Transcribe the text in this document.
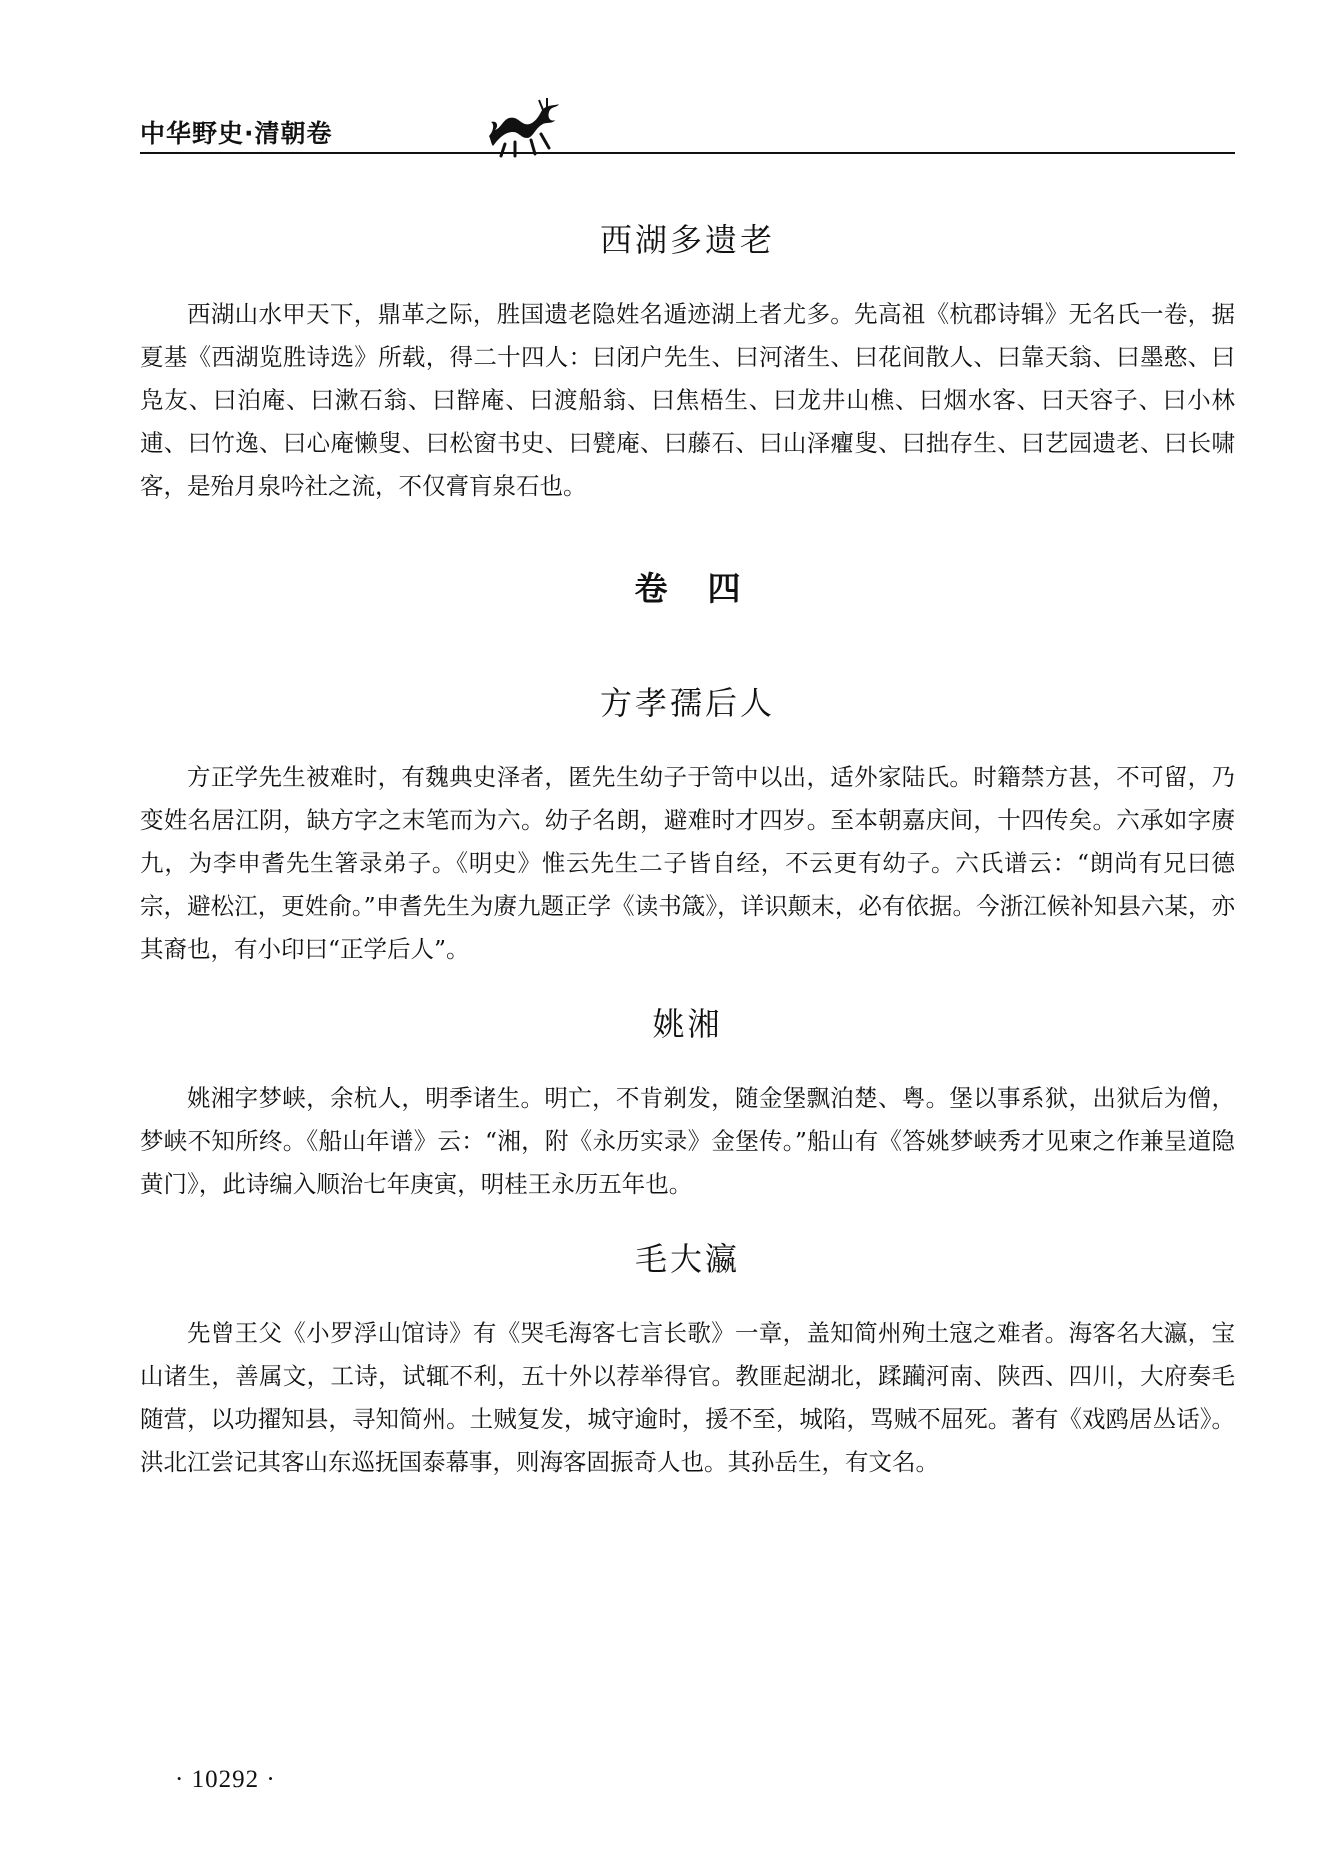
中华野史·清朝卷
西湖多遗老

西湖山水甲天下，鼎革之际，胜国遗老隐姓名遁迹湖上者尤多。先高祖《杭郡诗辑》无名氏一卷，据夏基《西湖览胜诗选》所载，得二十四人：曰闭户先生、曰河渚生、曰花间散人、曰靠天翁、曰墨憨、曰凫友、曰泊庵、曰漱石翁、曰辥庵、曰渡船翁、曰焦梧生、曰龙井山樵、曰烟水客、曰天容子、曰小林逋、曰竹逸、曰心庵懒叟、曰松窗书史、曰甓庵、曰藤石、曰山泽癯叟、曰拙存生、曰艺园遗老、曰长啸客，是殆月泉吟社之流，不仅膏肓泉石也。

卷四
方孝孺后人

方正学先生被难时，有魏典史泽者，匿先生幼子于笥中以出，适外家陆氏。时籍禁方甚，不可留，乃变姓名居江阴，缺方字之末笔而为六。幼子名朗，避难时才四岁。至本朝嘉庆间，十四传矣。六承如字赓九，为李申耆先生箸录弟子。《明史》惟云先生二子皆自经，不云更有幼子。六氏谱云：“朗尚有兄曰德宗，避松江，更姓俞。”申耆先生为赓九题正学《读书箴》，详识颠末，必有依据。今浙江候补知县六某，亦其裔也，有小印曰“正学后人”。

姚湘

姚湘字梦峡，余杭人，明季诸生。明亡，不肯剃发，随金堡飘泊楚、粤。堡以事系狱，出狱后为僧，梦峡不知所终。《船山年谱》云：“湘，附《永历实录》金堡传。”船山有《答姚梦峡秀才见柬之作兼呈道隐黄门》，此诗编入顺治七年庚寅，明桂王永历五年也。

毛大瀛

先曾王父《小罗浮山馆诗》有《哭毛海客七言长歌》一章，盖知简州殉土寇之难者。海客名大瀛，宝山诸生，善属文，工诗，试辄不利，五十外以荐举得官。教匪起湖北，蹂躏河南、陕西、四川，大府奏毛随营，以功擢知县，寻知简州。土贼复发，城守逾时，援不至，城陷，骂贼不屈死。著有《戏鸥居丛话》。洪北江尝记其客山东巡抚国泰幕事，则海客固振奇人也。其孙岳生，有文名。

· 10292 ·
